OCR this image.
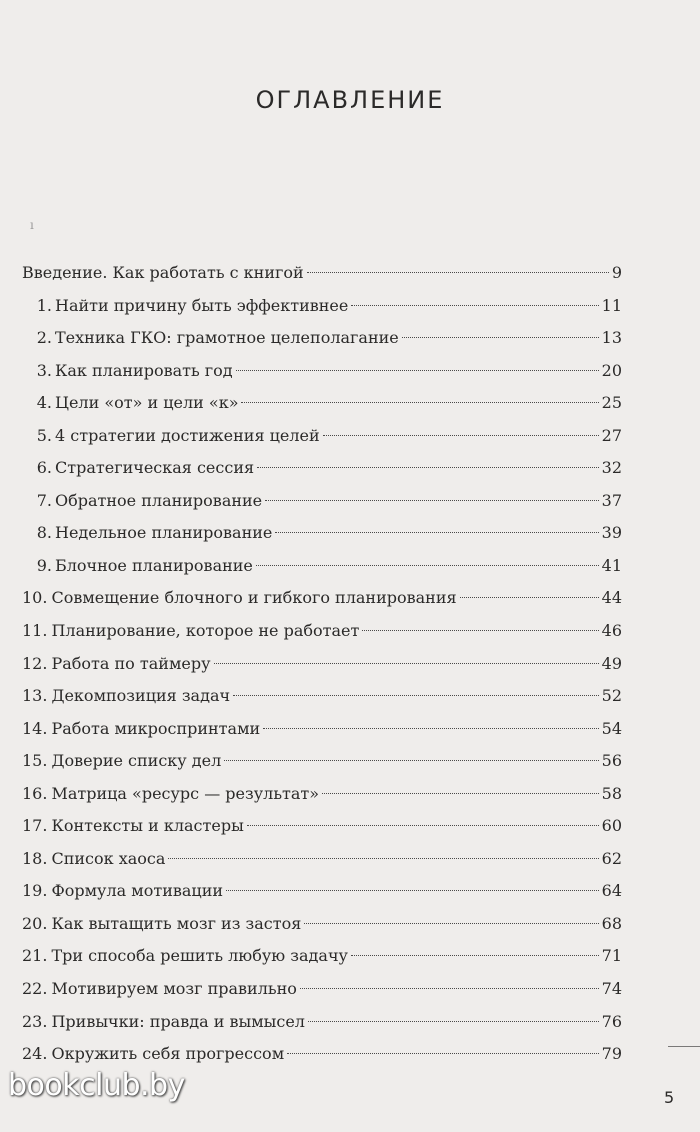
ОГЛАВЛЕНИЕ
ı
Введение. Как работать с книгой	9
1. Найти причину быть эффективнее	11
2. Техника ГКО: грамотное целеполагание	13
3. Как планировать год	20
4. Цели «от» и цели «к»	25
5. 4 стратегии достижения целей	27
6. Стратегическая сессия	32
7. Обратное планирование	37
8. Недельное планирование	39
9. Блочное планирование	41
10. Совмещение блочного и гибкого планирования	44
11. Планирование, которое не работает	46
12. Работа по таймеру	49
13. Декомпозиция задач	52
14. Работа микроспринтами	54
15. Доверие списку дел	56
16. Матрица «ресурс — результат»	58
17. Контексты и кластеры	60
18. Список хаоса	62
19. Формула мотивации	64
20. Как вытащить мозг из застоя	68
21. Три способа решить любую задачу	71
22. Мотивируем мозг правильно	74
23. Привычки: правда и вымысел	76
24. Окружить себя прогрессом	79
bookclub.by	5
